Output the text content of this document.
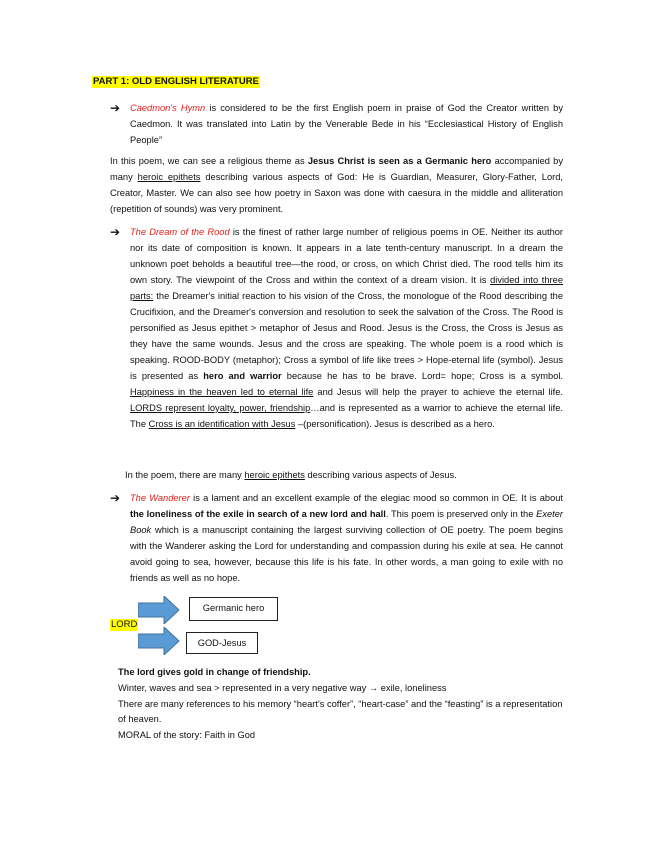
PART 1: OLD ENGLISH LITERATURE
➔ Caedmon's Hymn is considered to be the first English poem in praise of God the Creator written by Caedmon. It was translated into Latin by the Venerable Bede in his “Ecclesiastical History of English People”
In this poem, we can see a religious theme as Jesus Christ is seen as a Germanic hero accompanied by many heroic epithets describing various aspects of God: He is Guardian, Measurer, Glory-Father, Lord, Creator, Master. We can also see how poetry in Saxon was done with caesura in the middle and alliteration (repetition of sounds) was very prominent.
➔ The Dream of the Rood is the finest of rather large number of religious poems in OE. Neither its author nor its date of composition is known. It appears in a late tenth-century manuscript. In a dream the unknown poet beholds a beautiful tree—the rood, or cross, on which Christ died. The rood tells him its own story. The viewpoint of the Cross and within the context of a dream vision. It is divided into three parts: the Dreamer's initial reaction to his vision of the Cross, the monologue of the Rood describing the Crucifixion, and the Dreamer's conversion and resolution to seek the salvation of the Cross. The Rood is personified as Jesus epithet > metaphor of Jesus and Rood. Jesus is the Cross, the Cross is Jesus as they have the same wounds. Jesus and the cross are speaking. The whole poem is a rood which is speaking. ROOD-BODY (metaphor); Cross a symbol of life like trees > Hope-eternal life (symbol). Jesus is presented as hero and warrior because he has to be brave. Lord= hope; Cross is a symbol. Happiness in the heaven led to eternal life and Jesus will help the prayer to achieve the eternal life. LORDS represent loyalty, power, friendship…and is represented as a warrior to achieve the eternal life. The Cross is an identification with Jesus –(personification). Jesus is described as a hero.
In the poem, there are many heroic epithets describing various aspects of Jesus.
➔ The Wanderer is a lament and an excellent example of the elegiac mood so common in OE. It is about the loneliness of the exile in search of a new lord and hall. This poem is preserved only in the Exeter Book which is a manuscript containing the largest surviving collection of OE poetry. The poem begins with the Wanderer asking the Lord for understanding and compassion during his exile at sea. He cannot avoid going to sea, however, because this life is his fate. In other words, a man going to exile with no friends as well as no hope.
LORD
Germanic hero
GOD-Jesus
The lord gives gold in change of friendship.
Winter, waves and sea > represented in a very negative way → exile, loneliness
There are many references to his memory “heart's coffer”, “heart-case” and the “feasting” is a representation of heaven.
MORAL of the story: Faith in God
